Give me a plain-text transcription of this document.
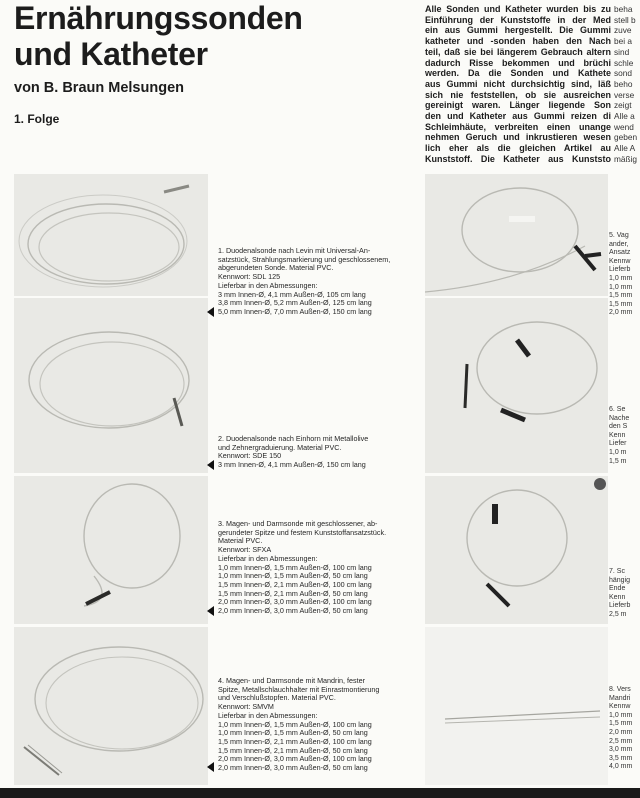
Ernährungssonden
und Katheter

von B. Braun Melsungen

1. Folge

Alle Sonden und Katheter wurden bis zu
Einführung der Kunststoffe in der Med
ein aus Gummi hergestellt. Die Gummi
katheter und -sonden haben den Nach
teil, daß sie bei längerem Gebrauch altern
dadurch Risse bekommen und brüchi
werden. Da die Sonden und Kathete
aus Gummi nicht durchsichtig sind, läß
sich nie feststellen, ob sie ausreichen
gereinigt waren. Länger liegende Son
den und Katheter aus Gummi reizen di
Schleimhäute, verbreiten einen unange
nehmen Geruch und inkrustieren wesen
lich eher als die gleichen Artikel au
Kunststoff. Die Katheter aus Kunststo
beha
stell b
zuve
bei a
sind
schle
sond
beho
verse
zeigt
Alle a
wend
geben
Alle A
mäßig
1. Duodenalsonde nach Levin mit Universal-An-
satzstück, Strahlungsmarkierung und geschlossenem,
abgerundeten Sonde. Material PVC.
Kennwort: SDL 125
Lieferbar in den Abmessungen:
3 mm Innen-Ø, 4,1 mm Außen-Ø, 105 cm lang
3,8 mm Innen-Ø, 5,2 mm Außen-Ø, 125 cm lang
5,0 mm Innen-Ø, 7,0 mm Außen-Ø, 150 cm lang
2. Duodenalsonde nach Einhorn mit Metallolive
und Zehnergraduierung. Material PVC.
Kennwort: SDE 150
3 mm Innen-Ø, 4,1 mm Außen-Ø, 150 cm lang
3. Magen- und Darmsonde mit geschlossener, ab-
gerundeter Spitze und festem Kunststoffansatzstück.
Material PVC.
Kennwort: SFXA
Lieferbar in den Abmessungen:
1,0 mm Innen-Ø, 1,5 mm Außen-Ø, 100 cm lang
1,0 mm Innen-Ø, 1,5 mm Außen-Ø, 50 cm lang
1,5 mm Innen-Ø, 2,1 mm Außen-Ø, 100 cm lang
1,5 mm Innen-Ø, 2,1 mm Außen-Ø, 50 cm lang
2,0 mm Innen-Ø, 3,0 mm Außen-Ø, 100 cm lang
2,0 mm Innen-Ø, 3,0 mm Außen-Ø, 50 cm lang
4. Magen- und Darmsonde mit Mandrin, fester
Spitze, Metallschlauchhalter mit Einrastmontierung
und Verschlußstopfen. Material PVC.
Kennwort: SMVM
Lieferbar in den Abmessungen:
1,0 mm Innen-Ø, 1,5 mm Außen-Ø, 100 cm lang
1,0 mm Innen-Ø, 1,5 mm Außen-Ø, 50 cm lang
1,5 mm Innen-Ø, 2,1 mm Außen-Ø, 100 cm lang
1,5 mm Innen-Ø, 2,1 mm Außen-Ø, 50 cm lang
2,0 mm Innen-Ø, 3,0 mm Außen-Ø, 100 cm lang
2,0 mm Innen-Ø, 3,0 mm Außen-Ø, 50 cm lang
5. Vag
ander,
Ansatz
Kennw
Lieferb
1,0 mm
1,0 mm
1,5 mm
1,5 mm
2,0 mm
6. Se
Nache
den S
Kenn
Liefer
1,0 m
1,5 m
7. Sc
hängig
Ende
Kenn
Lieferb
2,5 m
8. Vers
Mandri
Kennw
1,0 mm
1,5 mm
2,0 mm
2,5 mm
3,0 mm
3,5 mm
4,0 mm
